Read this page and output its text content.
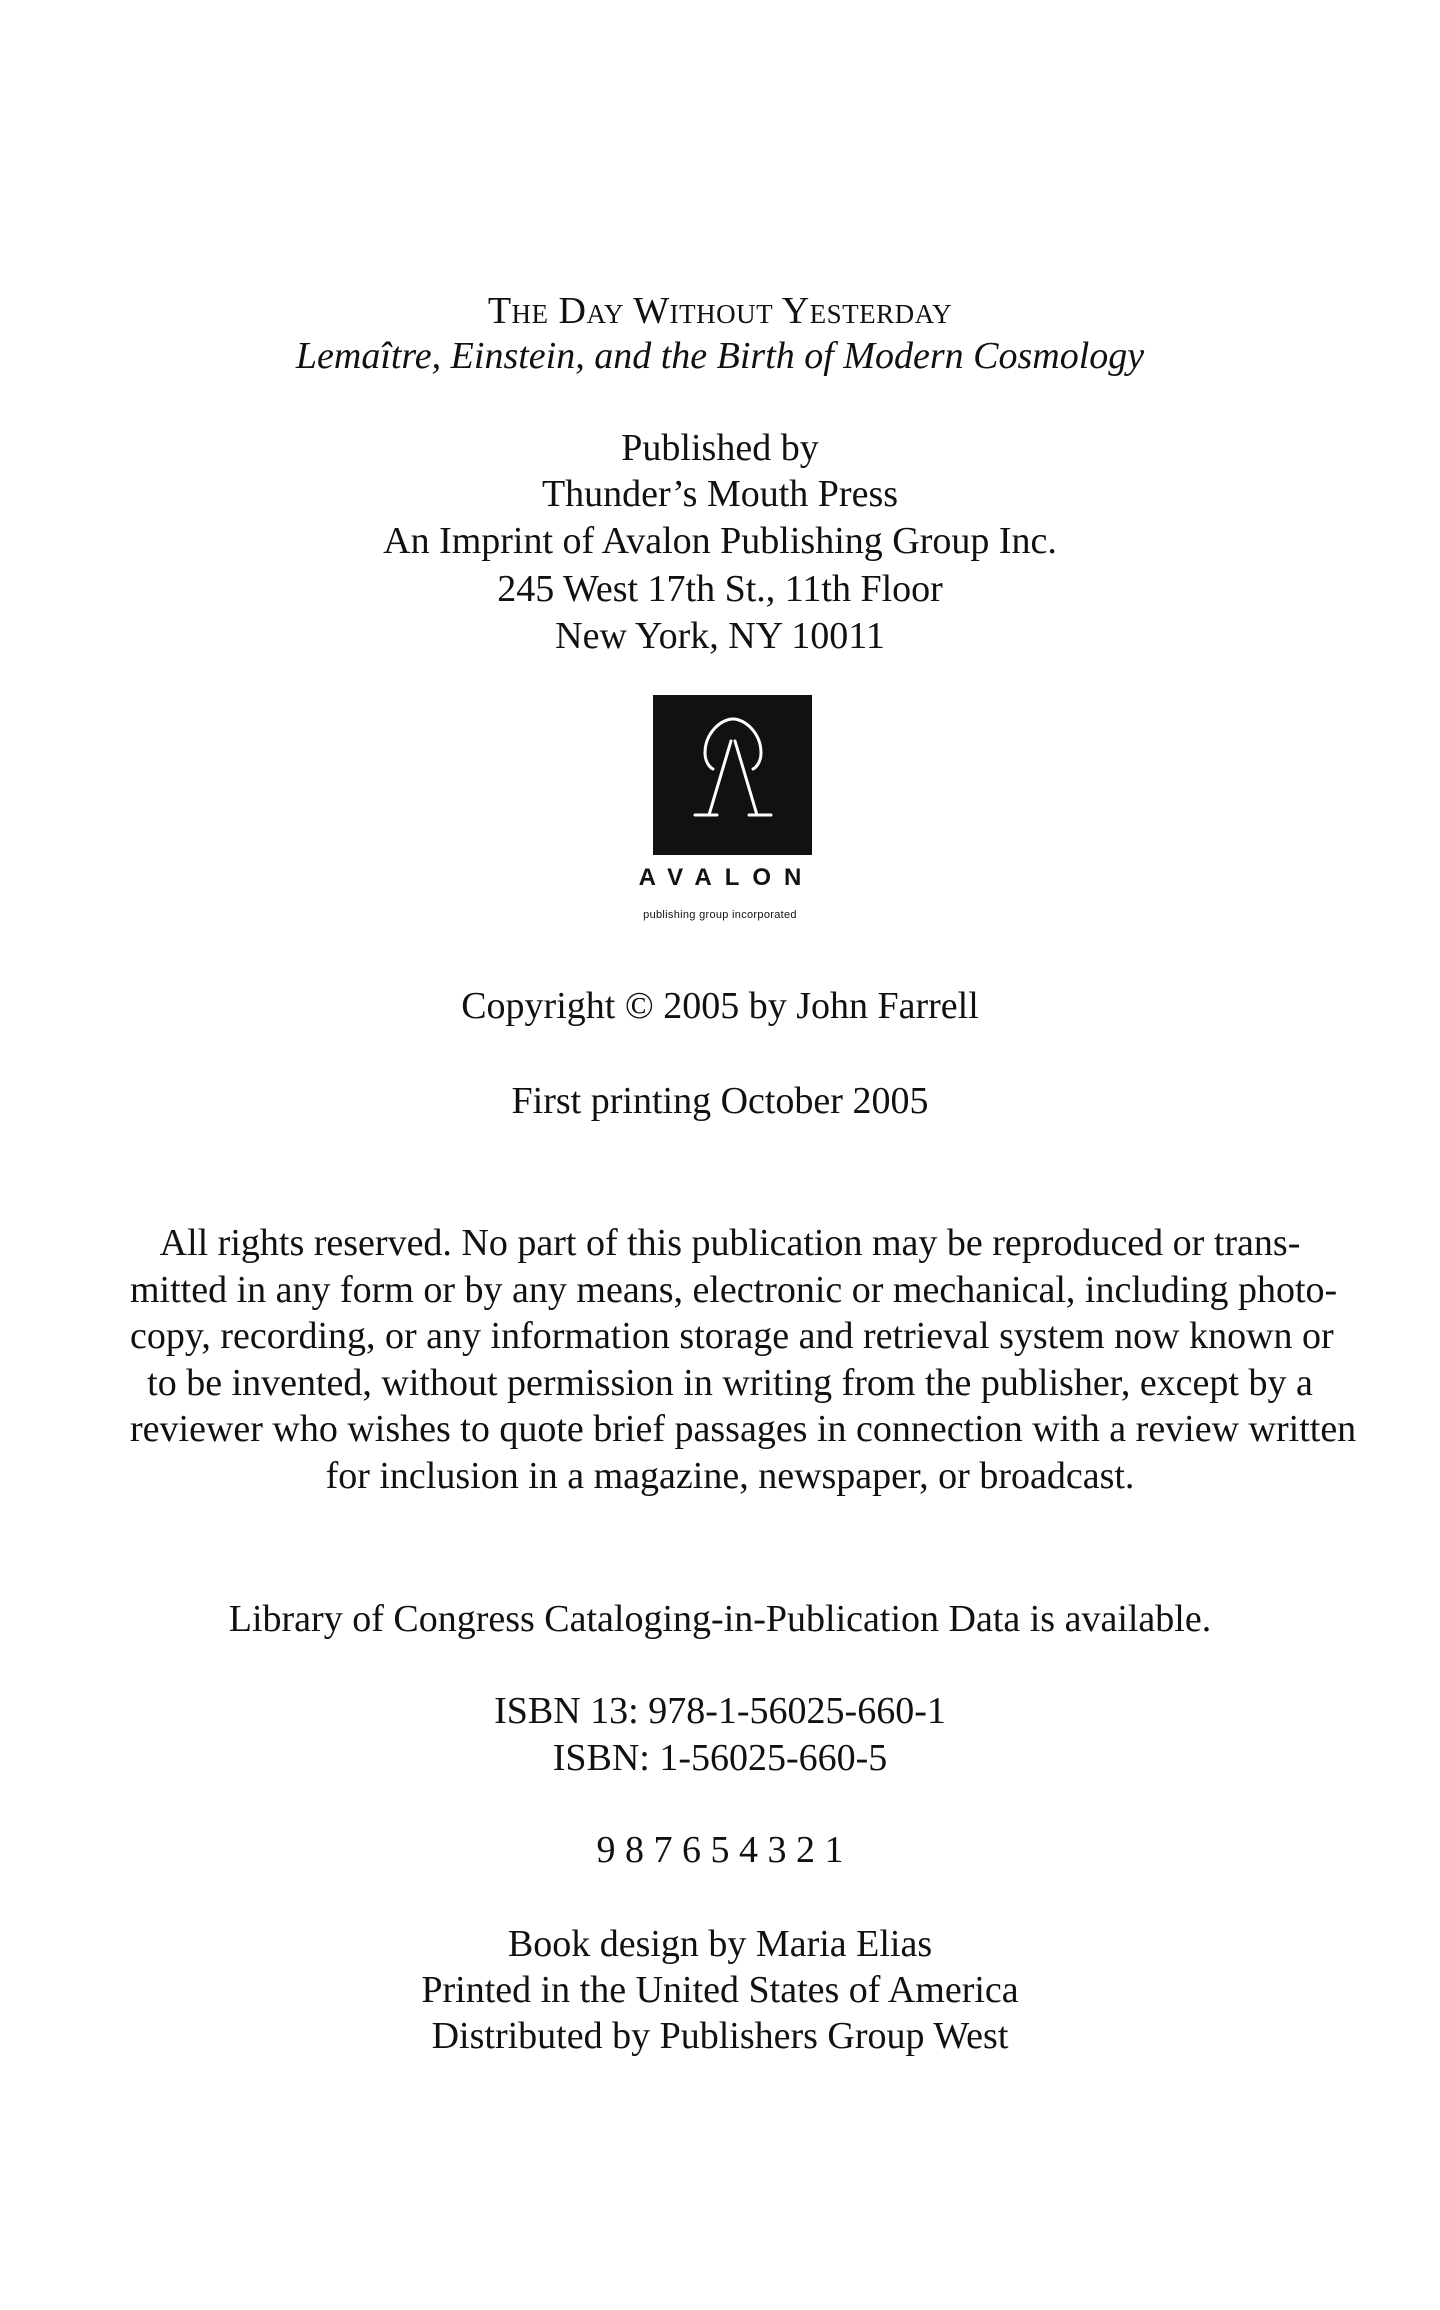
The Day Without Yesterday
Lemaître, Einstein, and the Birth of Modern Cosmology
Published by
Thunder’s Mouth Press
An Imprint of Avalon Publishing Group Inc.
245 West 17th St., 11th Floor
New York, NY 10011
AVALON
publishing group incorporated
Copyright © 2005 by John Farrell
First printing October 2005
All rights reserved. No part of this publication may be reproduced or trans-
mitted in any form or by any means, electronic or mechanical, including photo-
copy, recording, or any information storage and retrieval system now known or
to be invented, without permission in writing from the publisher, except by a
reviewer who wishes to quote brief passages in connection with a review written
for inclusion in a magazine, newspaper, or broadcast.
Library of Congress Cataloging-in-Publication Data is available.
ISBN 13: 978-1-56025-660-1
ISBN: 1-56025-660-5
9 8 7 6 5 4 3 2 1
Book design by Maria Elias
Printed in the United States of America
Distributed by Publishers Group West
